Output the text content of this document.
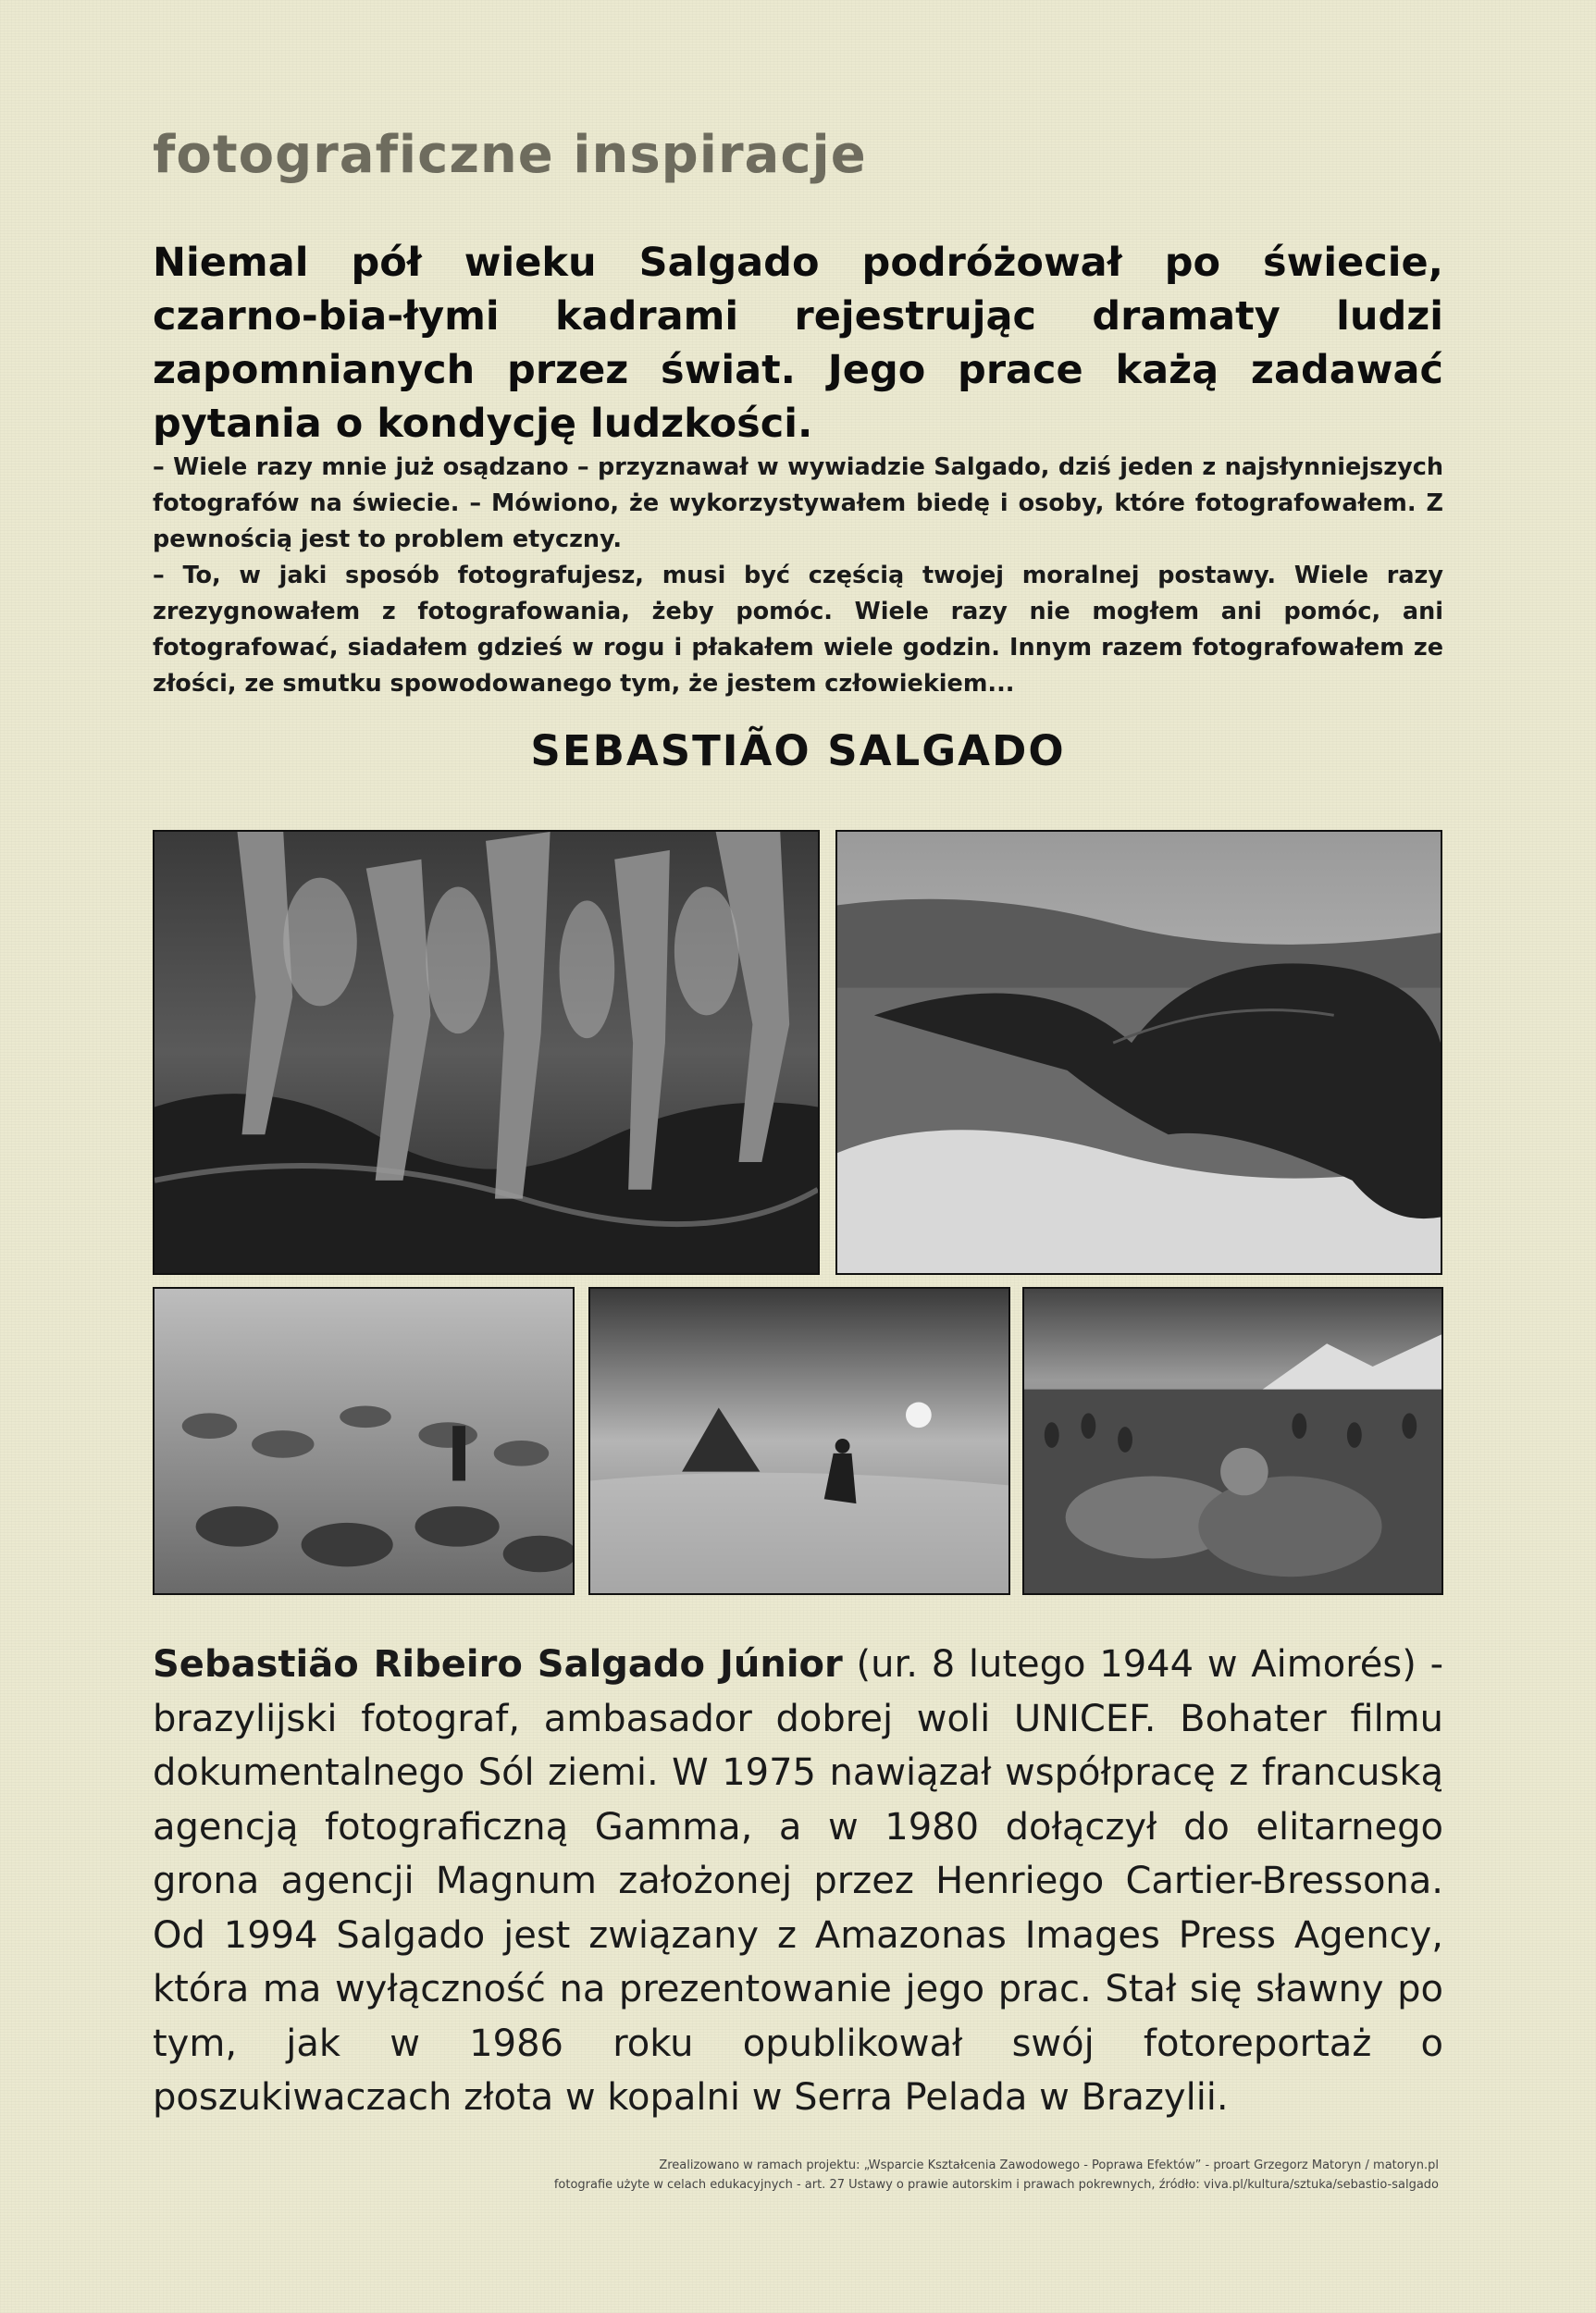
fotograficzne inspiracje
Niemal pół wieku Salgado podróżował po świecie, czarno-bia-łymi kadrami rejestrując dramaty ludzi zapomnianych przez świat. Jego prace każą zadawać pytania o kondycję ludzkości.

– Wiele razy mnie już osądzano – przyznawał w wywiadzie Salgado, dziś jeden z najsłynniejszych fotografów na świecie. – Mówiono, że wykorzystywałem biedę i osoby, które fotografowałem. Z pewnością jest to problem etyczny.

– To, w jaki sposób fotografujesz, musi być częścią twojej moralnej postawy. Wiele razy zrezygnowałem z fotografowania, żeby pomóc. Wiele razy nie mogłem ani pomóc, ani fotografować, siadałem gdzieś w rogu i płakałem wiele godzin. Innym razem fotografowałem ze złości, ze smutku spowodowanego tym, że jestem człowiekiem...

SEBASTIÃO SALGADO
Sebastião Ribeiro Salgado Júnior (ur. 8 lutego 1944 w Aimorés) - brazylijski fotograf, ambasador dobrej woli UNICEF. Bohater filmu dokumentalnego Sól ziemi. W 1975 nawiązał współpracę z francuską agencją fotograficzną Gamma, a w 1980 dołączył do elitarnego grona agencji Magnum założonej przez Henriego Cartier-Bressona. Od 1994 Salgado jest związany z Amazonas Images Press Agency, która ma wyłączność na prezentowanie jego prac. Stał się sławny po tym, jak w 1986 roku opublikował swój fotoreportaż o poszukiwaczach złota w kopalni w Serra Pelada w Brazylii.
Zrealizowano w ramach projektu: „Wsparcie Kształcenia Zawodowego - Poprawa Efektów” - proart Grzegorz Matoryn / matoryn.pl
fotografie użyte w celach edukacyjnych - art. 27 Ustawy o prawie autorskim i prawach pokrewnych, źródło: viva.pl/kultura/sztuka/sebastio-salgado
